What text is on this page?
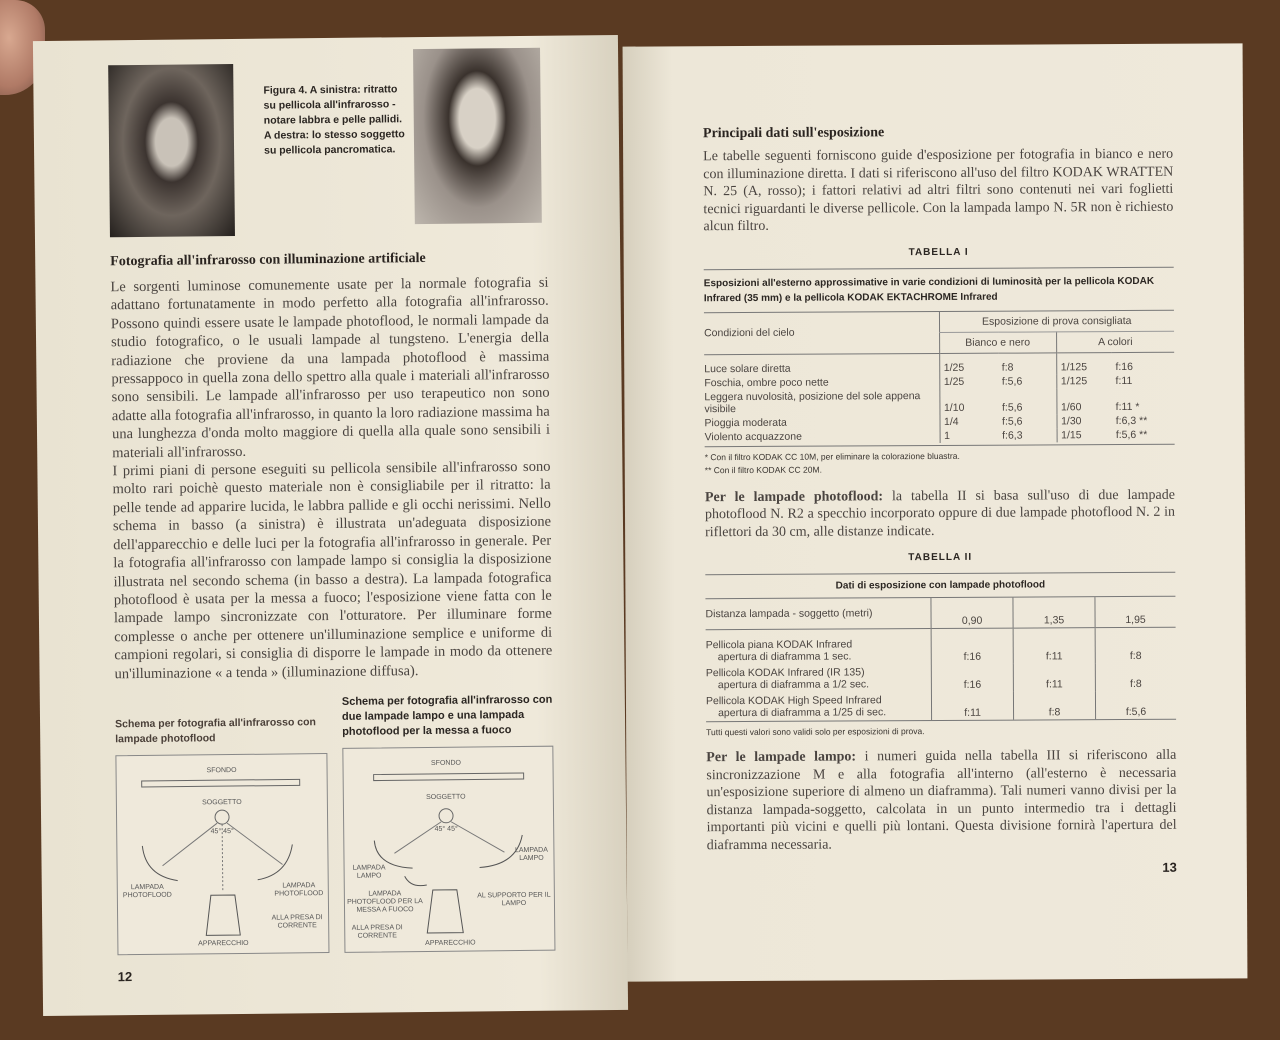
Figura 4. A sinistra: ritratto su pellicola all'infrarosso - notare labbra e pelle pallidi. A destra: lo stesso soggetto su pellicola pancromatica.
Fotografia all'infrarosso con illuminazione artificiale

Le sorgenti luminose comunemente usate per la normale fotografia si adattano fortunatamente in modo perfetto alla fotografia all'infrarosso. Possono quindi essere usate le lampade photoflood, le normali lampade da studio fotografico, o le usuali lampade al tungsteno. L'energia della radiazione che proviene da una lampada photoflood è massima pressappoco in quella zona dello spettro alla quale i materiali all'infrarosso sono sensibili. Le lampade all'infrarosso per uso terapeutico non sono adatte alla fotografia all'infrarosso, in quanto la loro radiazione massima ha una lunghezza d'onda molto maggiore di quella alla quale sono sensibili i materiali all'infrarosso.

I primi piani di persone eseguiti su pellicola sensibile all'infrarosso sono molto rari poichè questo materiale non è consigliabile per il ritratto: la pelle tende ad apparire lucida, le labbra pallide e gli occhi nerissimi. Nello schema in basso (a sinistra) è illustrata un'adeguata disposizione dell'apparecchio e delle luci per la fotografia all'infrarosso in generale. Per la fotografia all'infrarosso con lampade lampo si consiglia la disposizione illustrata nel secondo schema (in basso a destra). La lampada fotografica photoflood è usata per la messa a fuoco; l'esposizione viene fatta con le lampade lampo sincronizzate con l'otturatore. Per illuminare forme complesse o anche per ottenere un'illuminazione semplice e uniforme di campioni regolari, si consiglia di disporre le lampade in modo da ottenere un'illuminazione « a tenda » (illuminazione diffusa).

Schema per fotografia all'infrarosso con lampade photoflood
SFONDO
SOGGETTO
45° 45°
LAMPADA PHOTOFLOOD
LAMPADA PHOTOFLOOD
ALLA PRESA DI CORRENTE
APPARECCHIO
Schema per fotografia all'infrarosso con due lampade lampo e una lampada photoflood per la messa a fuoco
SFONDO
SOGGETTO
45° 45°
LAMPADA LAMPO
LAMPADA LAMPO
LAMPADA PHOTOFLOOD PER LA MESSA A FUOCO
AL SUPPORTO PER IL LAMPO
ALLA PRESA DI CORRENTE
APPARECCHIO
12
Principali dati sull'esposizione

Le tabelle seguenti forniscono guide d'esposizione per fotografia in bianco e nero con illuminazione diretta. I dati si riferiscono all'uso del filtro KODAK WRATTEN N. 25 (A, rosso); i fattori relativi ad altri filtri sono contenuti nei vari foglietti tecnici riguardanti le diverse pellicole. Con la lampada lampo N. 5R non è richiesto alcun filtro.

TABELLA I
Esposizioni all'esterno approssimative in varie condizioni di luminosità per la pellicola KODAK Infrared (35 mm) e la pellicola KODAK EKTACHROME Infrared
Condizioni del cielo	Esposizione di prova consigliata			
	Bianco e nero		A colori	
Luce solare diretta	1/25	f:8	1/125	f:16
Foschia, ombre poco nette	1/25	f:5,6	1/125	f:11
Leggera nuvolosità, posizione del sole appena visibile	1/10	f:5,6	1/60	f:11 *
Pioggia moderata	1/4	f:5,6	1/30	f:6,3 **
Violento acquazzone	1	f:6,3	1/15	f:5,6 **
* Con il filtro KODAK CC 10M, per eliminare la colorazione bluastra.
** Con il filtro KODAK CC 20M.

Per le lampade photoflood: la tabella II si basa sull'uso di due lampade photoflood N. R2 a specchio incorporato oppure di due lampade photoflood N. 2 in riflettori da 30 cm, alle distanze indicate.

TABELLA II
Dati di esposizione con lampade photoflood
Distanza lampada - soggetto (metri)	0,90	1,35	1,95

Pellicola piana KODAK Infrared
apertura di diaframma 1 sec.	f:16	f:11	f:8

Pellicola KODAK Infrared (IR 135)
apertura di diaframma a 1/2 sec.	f:16	f:11	f:8

Pellicola KODAK High Speed Infrared
apertura di diaframma a 1/25 di sec.	f:11	f:8	f:5,6
Tutti questi valori sono validi solo per esposizioni di prova.

Per le lampade lampo: i numeri guida nella tabella III si riferiscono alla sincronizzazione M e alla fotografia all'interno (all'esterno è necessaria un'esposizione superiore di almeno un diaframma). Tali numeri vanno divisi per la distanza lampada-soggetto, calcolata in un punto intermedio tra i dettagli importanti più vicini e quelli più lontani. Questa divisione fornirà l'apertura del diaframma necessaria.

13
